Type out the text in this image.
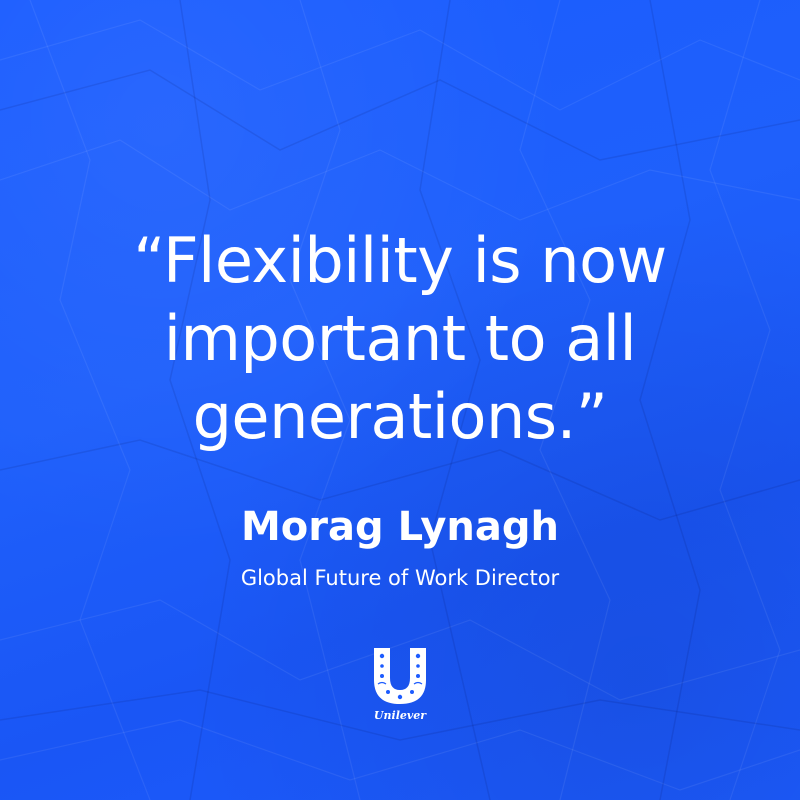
“Flexibility is now
important to all
generations.”
Morag Lynagh
Global Future of Work Director
Unilever
